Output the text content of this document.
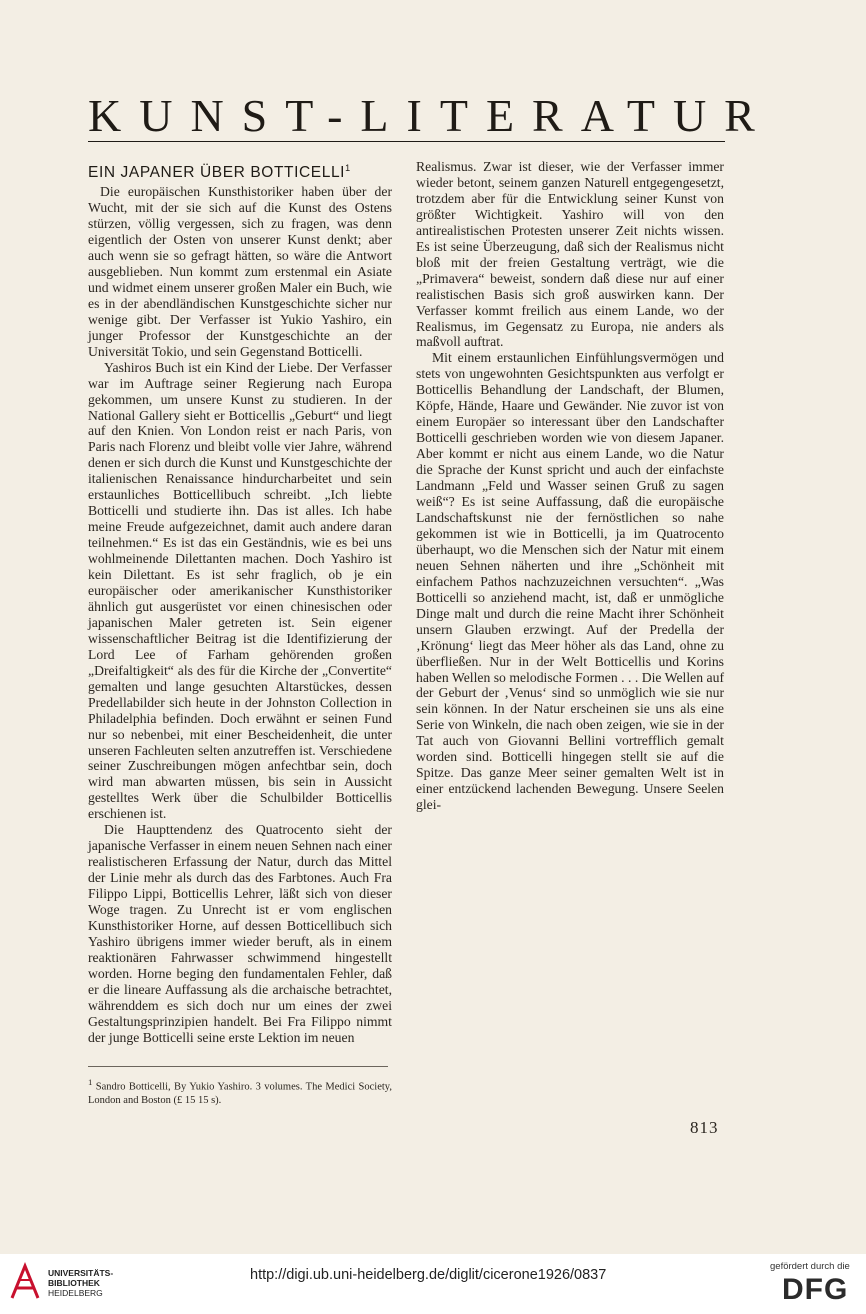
KUNST-LITERATUR
EIN JAPANER ÜBER BOTTICELLI$^1$

Die europäischen Kunsthistoriker haben über der Wucht, mit der sie sich auf die Kunst des Ostens stürzen, völlig vergessen, sich zu fragen, was denn eigentlich der Osten von unserer Kunst denkt; aber auch wenn sie so gefragt hätten, so wäre die Antwort ausgeblieben. Nun kommt zum erstenmal ein Asiate und widmet einem unserer großen Maler ein Buch, wie es in der abendländischen Kunstgeschichte sicher nur wenige gibt. Der Verfasser ist Yukio Yashiro, ein junger Professor der Kunstgeschichte an der Universität Tokio, und sein Gegenstand Botticelli.

Yashiros Buch ist ein Kind der Liebe. Der Verfasser war im Auftrage seiner Regierung nach Europa gekommen, um unsere Kunst zu studieren. In der National Gallery sieht er Botticellis „Geburt“ und liegt auf den Knien. Von London reist er nach Paris, von Paris nach Florenz und bleibt volle vier Jahre, während denen er sich durch die Kunst und Kunstgeschichte der italienischen Renaissance hindurcharbeitet und sein erstaunliches Botticellibuch schreibt. „Ich liebte Botticelli und studierte ihn. Das ist alles. Ich habe meine Freude aufgezeichnet, damit auch andere daran teilnehmen.“ Es ist das ein Geständnis, wie es bei uns wohlmeinende Dilettanten machen. Doch Yashiro ist kein Dilettant. Es ist sehr fraglich, ob je ein europäischer oder amerikanischer Kunsthistoriker ähnlich gut ausgerüstet vor einen chinesischen oder japanischen Maler getreten ist. Sein eigener wissenschaftlicher Beitrag ist die Identifizierung der Lord Lee of Farham gehörenden großen „Dreifaltigkeit“ als des für die Kirche der „Convertite“ gemalten und lange gesuchten Altarstückes, dessen Predellabilder sich heute in der Johnston Collection in Philadelphia befinden. Doch erwähnt er seinen Fund nur so nebenbei, mit einer Bescheidenheit, die unter unseren Fachleuten selten anzutreffen ist. Verschiedene seiner Zuschreibungen mögen anfechtbar sein, doch wird man abwarten müssen, bis sein in Aussicht gestelltes Werk über die Schulbilder Botticellis erschienen ist.

Die Haupttendenz des Quatrocento sieht der japanische Verfasser in einem neuen Sehnen nach einer realistischeren Erfassung der Natur, durch das Mittel der Linie mehr als durch das des Farbtones. Auch Fra Filippo Lippi, Botticellis Lehrer, läßt sich von dieser Woge tragen. Zu Unrecht ist er vom englischen Kunsthistoriker Horne, auf dessen Botticellibuch sich Yashiro übrigens immer wieder beruft, als in einem reaktionären Fahrwasser schwimmend hingestellt worden. Horne beging den fundamentalen Fehler, daß er die lineare Auffassung als die archaische betrachtet, währenddem es sich doch nur um eines der zwei Gestaltungsprinzipien handelt. Bei Fra Filippo nimmt der junge Botticelli seine erste Lektion im neuen

Realismus. Zwar ist dieser, wie der Verfasser immer wieder betont, seinem ganzen Naturell entgegengesetzt, trotzdem aber für die Entwicklung seiner Kunst von größter Wichtigkeit. Yashiro will von den antirealistischen Protesten unserer Zeit nichts wissen. Es ist seine Überzeugung, daß sich der Realismus nicht bloß mit der freien Gestaltung verträgt, wie die „Primavera“ beweist, sondern daß diese nur auf einer realistischen Basis sich groß auswirken kann. Der Verfasser kommt freilich aus einem Lande, wo der Realismus, im Gegensatz zu Europa, nie anders als maßvoll auftrat.

Mit einem erstaunlichen Einfühlungsvermögen und stets von ungewohnten Gesichtspunkten aus verfolgt er Botticellis Behandlung der Landschaft, der Blumen, Köpfe, Hände, Haare und Gewänder. Nie zuvor ist von einem Europäer so interessant über den Landschafter Botticelli geschrieben worden wie von diesem Japaner. Aber kommt er nicht aus einem Lande, wo die Natur die Sprache der Kunst spricht und auch der einfachste Landmann „Feld und Wasser seinen Gruß zu sagen weiß“? Es ist seine Auffassung, daß die europäische Landschaftskunst nie der fernöstlichen so nahe gekommen ist wie in Botticelli, ja im Quatrocento überhaupt, wo die Menschen sich der Natur mit einem neuen Sehnen näherten und ihre „Schönheit mit einfachem Pathos nachzuzeichnen versuchten“. „Was Botticelli so anziehend macht, ist, daß er unmögliche Dinge malt und durch die reine Macht ihrer Schönheit unsern Glauben erzwingt. Auf der Predella der ‚Krönung‘ liegt das Meer höher als das Land, ohne zu überfließen. Nur in der Welt Botticellis und Korins haben Wellen so melodische Formen . . . Die Wellen auf der Geburt der ‚Venus‘ sind so unmöglich wie sie nur sein können. In der Natur erscheinen sie uns als eine Serie von Winkeln, die nach oben zeigen, wie sie in der Tat auch von Giovanni Bellini vortrefflich gemalt worden sind. Botticelli hingegen stellt sie auf die Spitze. Das ganze Meer seiner gemalten Welt ist in einer entzückend lachenden Bewegung. Unsere Seelen glei-

$^1$ Sandro Botticelli, By Yukio Yashiro. 3 volumes. The Medici Society, London and Boston (£ 15 15 s).
813
UNIVERSITÄTS-
BIBLIOTHEK
HEIDELBERG
http://digi.ub.uni-heidelberg.de/diglit/cicerone1926/0837
gefördert durch die
DFG
